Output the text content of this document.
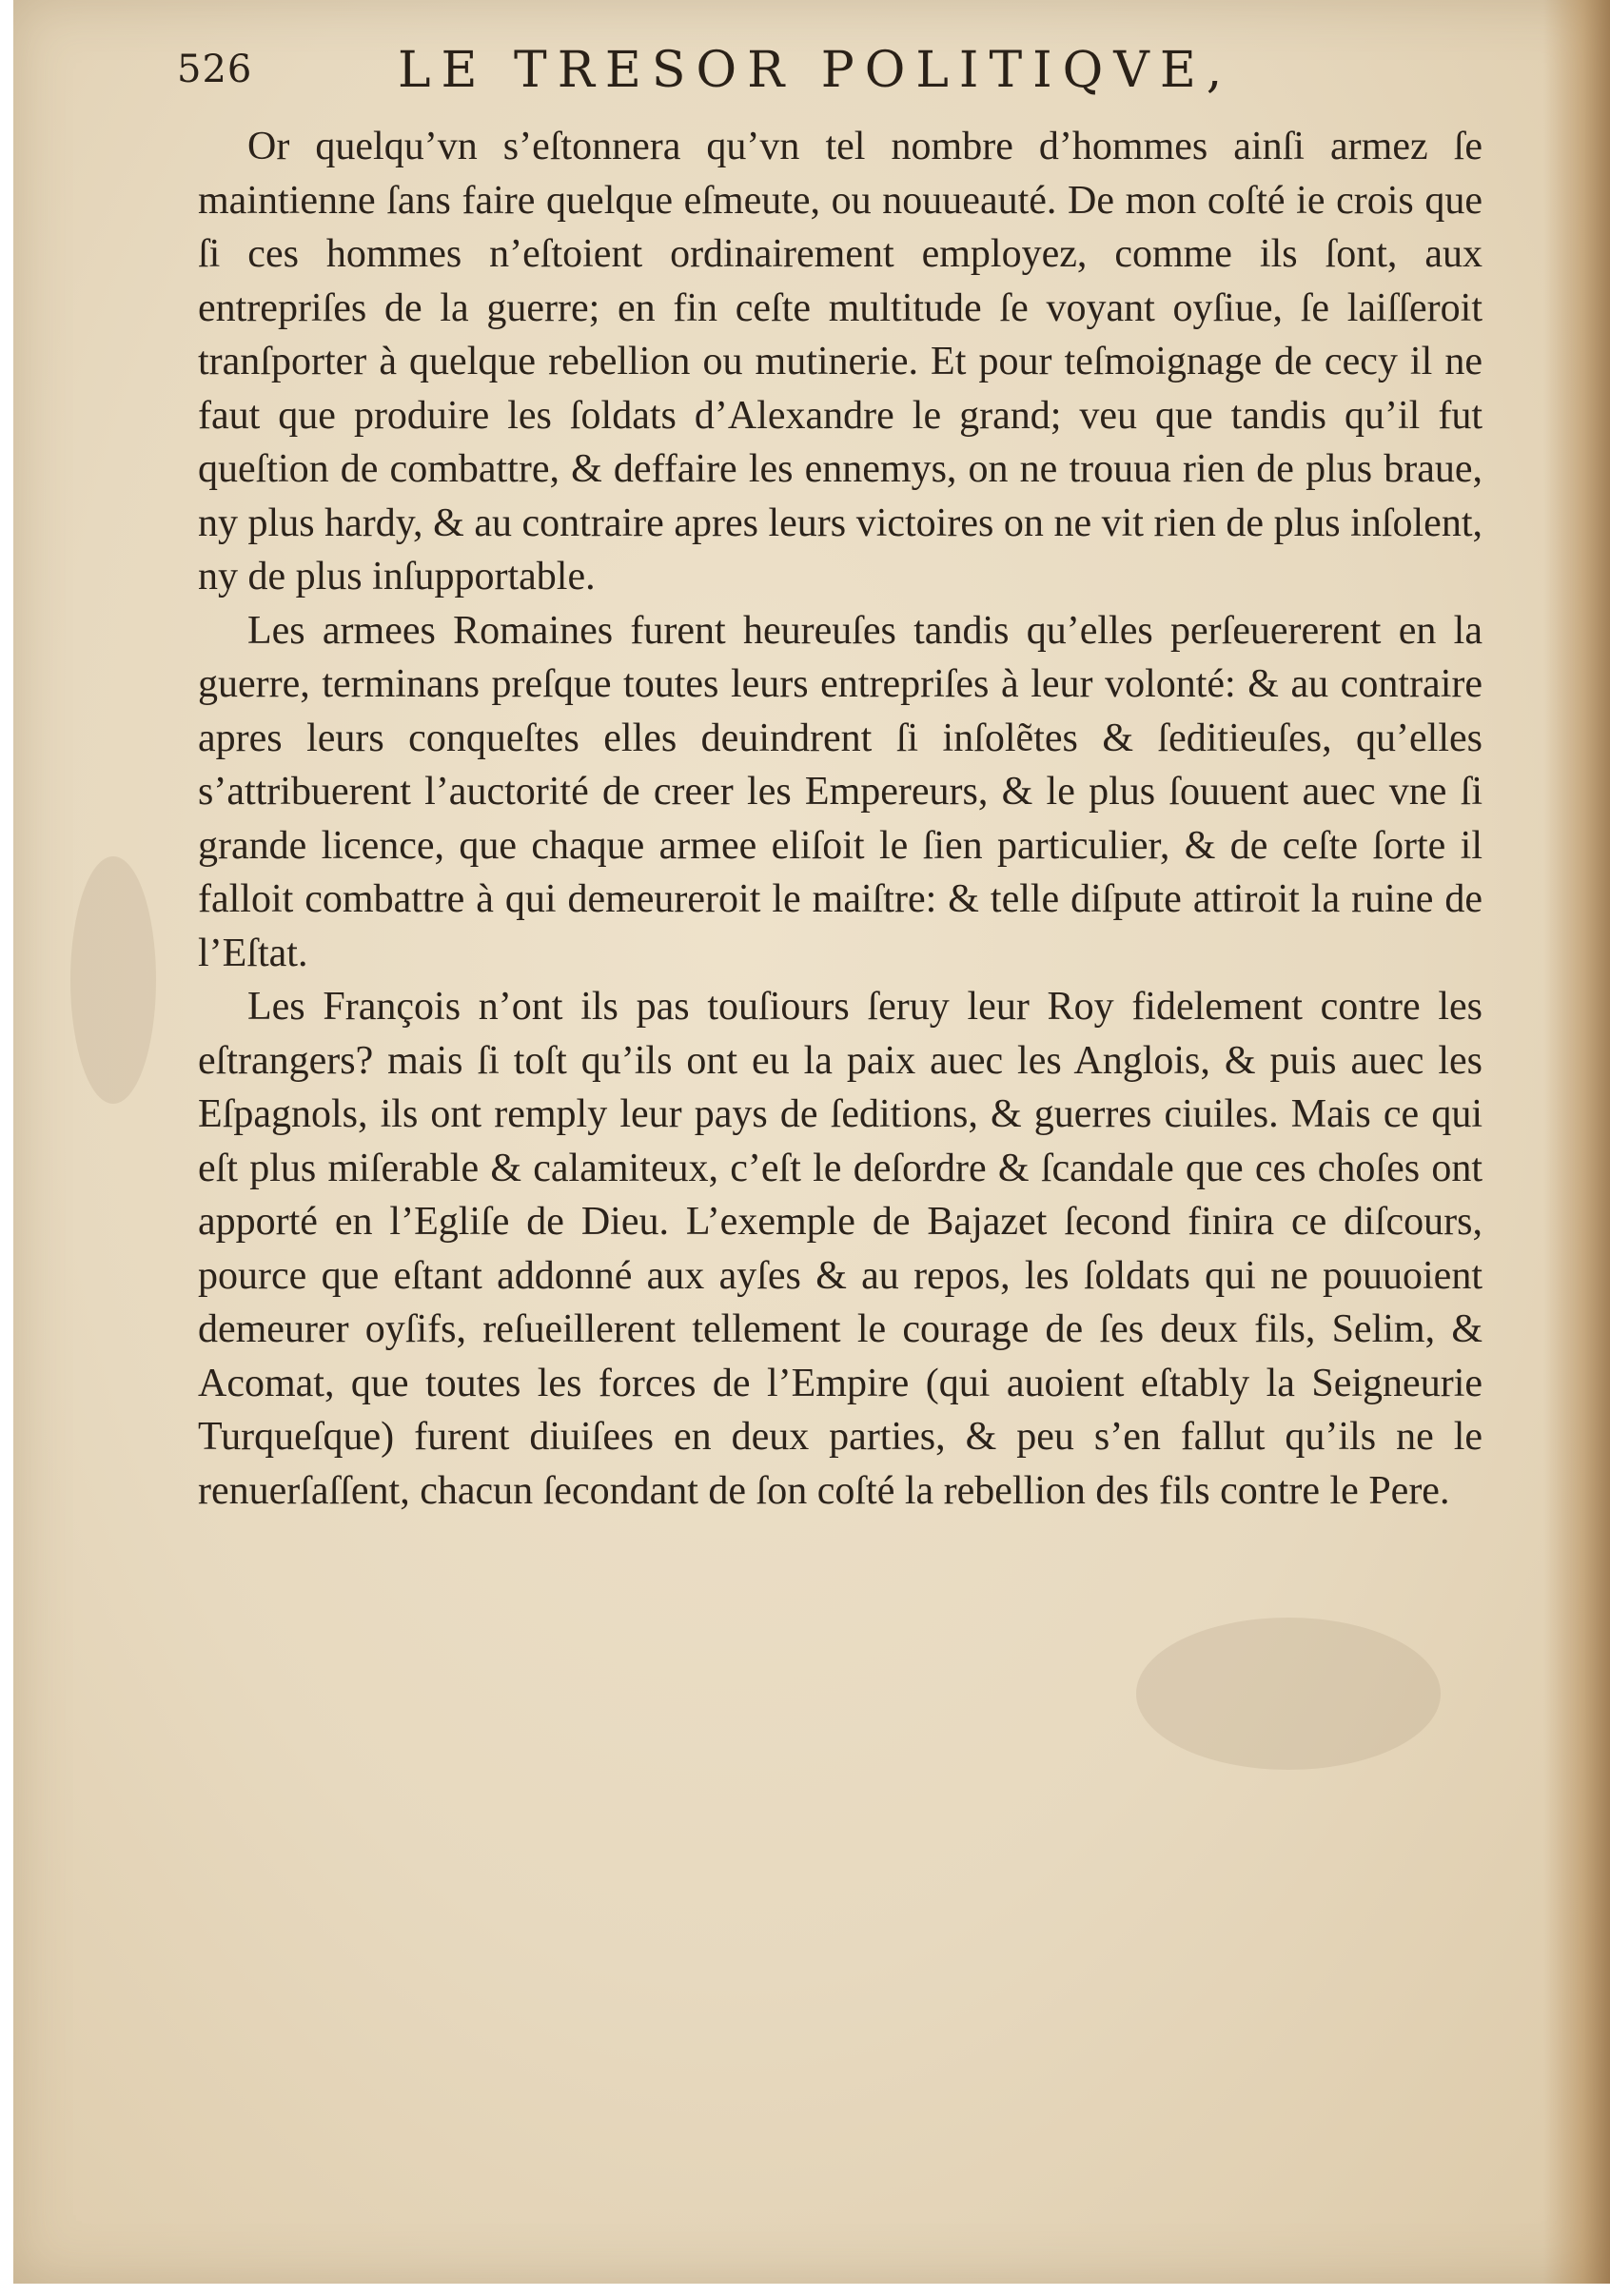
526	LE TRESOR POLITIQVE,

Or quelqu’vn s’eſtonnera qu’vn tel nombre d’hommes ainſi armez ſe maintienne ſans faire quelque eſmeute, ou nouueauté. De mon coſté ie crois que ſi ces hommes n’eſtoient ordinairement employez, comme ils ſont, aux entrepriſes de la guerre; en fin ceſte multitude ſe voyant oyſiue, ſe laiſſeroit tranſporter à quelque rebellion ou mutinerie. Et pour teſmoignage de cecy il ne faut que produire les ſoldats d’Alexandre le grand; veu que tandis qu’il fut queſtion de combattre, & deffaire les ennemys, on ne trouua rien de plus braue, ny plus hardy, & au contraire apres leurs victoires on ne vit rien de plus inſolent, ny de plus inſupportable.

Les armees Romaines furent heureuſes tandis qu’elles perſeuererent en la guerre, terminans preſque toutes leurs entrepriſes à leur volonté: & au contraire apres leurs conqueſtes elles deuindrent ſi inſolẽtes & ſeditieuſes, qu’elles s’attribuerent l’auctorité de creer les Empereurs, & le plus ſouuent auec vne ſi grande licence, que chaque armee eliſoit le ſien particulier, & de ceſte ſorte il falloit combattre à qui demeureroit le maiſtre: & telle diſpute attiroit la ruine de l’Eſtat.

Les François n’ont ils pas touſiours ſeruy leur Roy fidelement contre les eſtrangers? mais ſi toſt qu’ils ont eu la paix auec les Anglois, & puis auec les Eſpagnols, ils ont remply leur pays de ſeditions, & guerres ciuiles. Mais ce qui eſt plus miſerable & calamiteux, c’eſt le deſordre & ſcandale que ces choſes ont apporté en l’Egliſe de Dieu. L’exemple de Bajazet ſecond finira ce diſcours, pource que eſtant addonné aux ayſes & au repos, les ſoldats qui ne pouuoient demeurer oyſifs, reſueillerent tellement le courage de ſes deux fils, Selim, & Acomat, que toutes les forces de l’Empire (qui auoient eſtably la Seigneurie Turqueſque) furent diuiſees en deux parties, & peu s’en fallut qu’ils ne le renuerſaſſent, chacun ſecondant de ſon coſté la rebellion des fils contre le Pere.
